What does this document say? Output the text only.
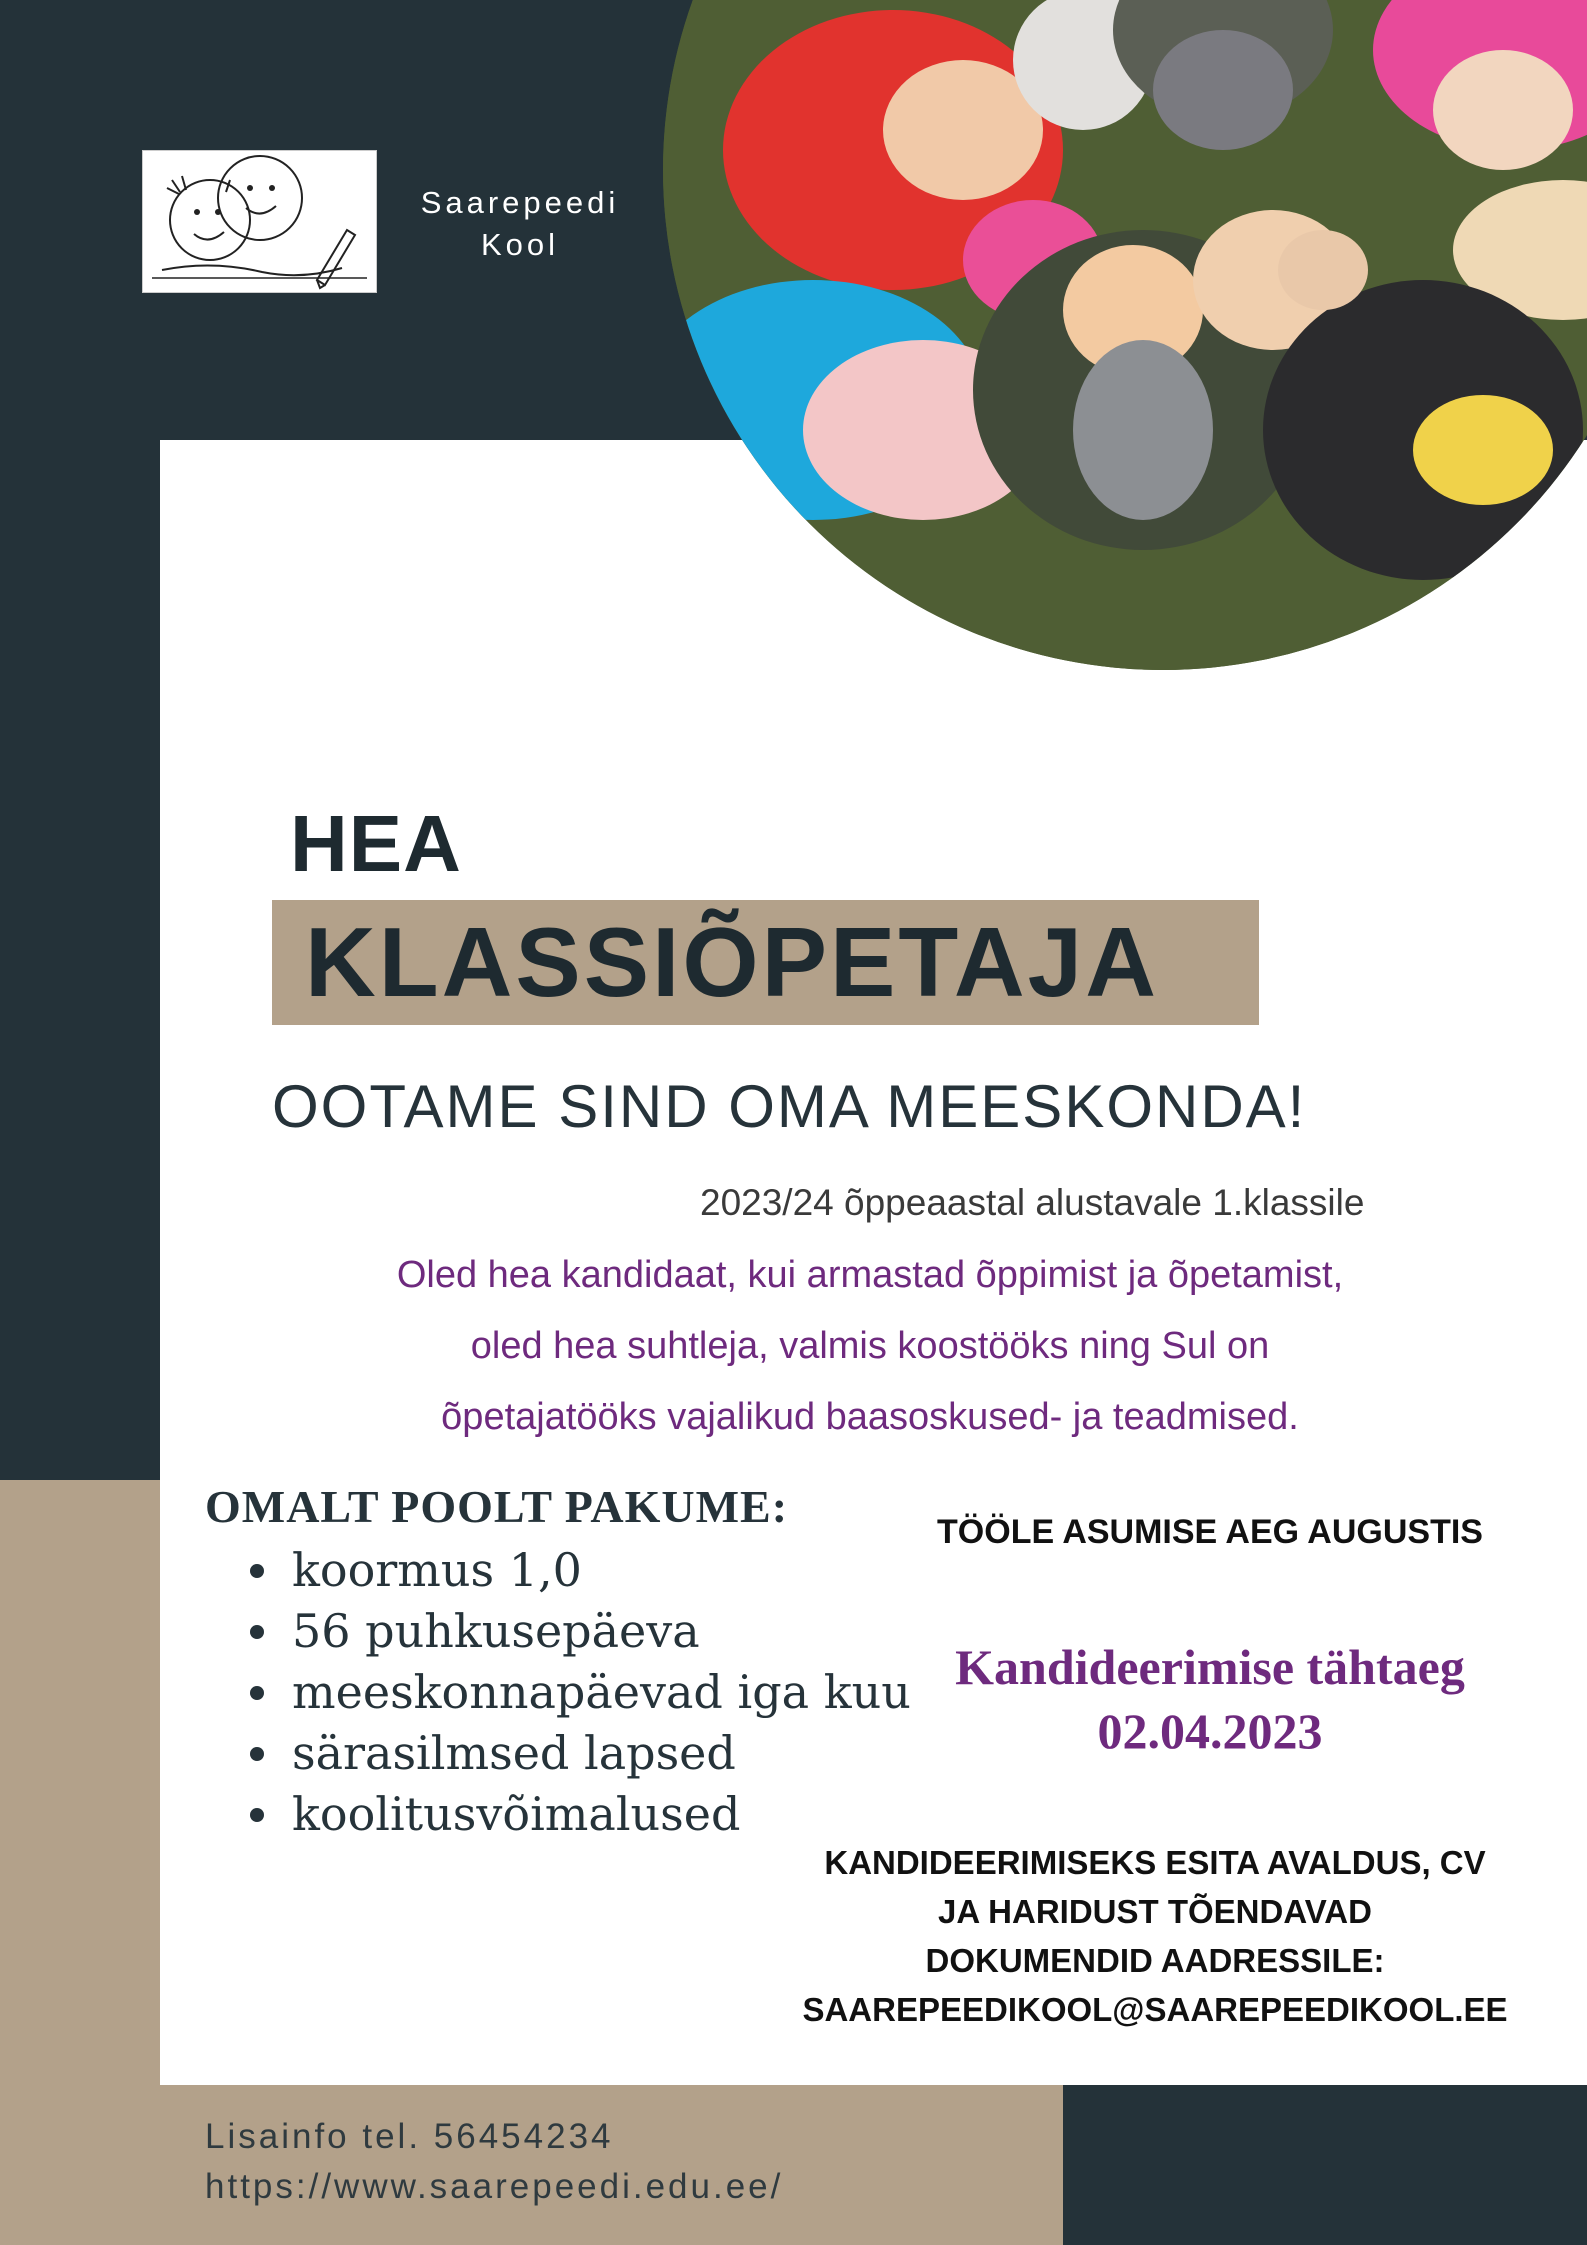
Saarepeedi
Kool
HEA
KLASSIÕPETAJA
OOTAME SIND OMA MEESKONDA!
2023/24 õppeaastal alustavale 1.klassile
Oled hea kandidaat, kui armastad õppimist ja õpetamist,
oled hea suhtleja, valmis koostööks ning Sul on
õpetajatööks vajalikud baasoskused- ja teadmised.
OMALT POOLT PAKUME:
koormus 1,0
56 puhkusepäeva
meeskonnapäevad iga kuu
särasilmsed lapsed
koolitusvõimalused
TÖÖLE ASUMISE AEG AUGUSTIS
Kandideerimise tähtaeg
02.04.2023
KANDIDEERIMISEKS ESITA AVALDUS, CV
JA HARIDUST TÕENDAVAD
DOKUMENDID AADRESSILE:
SAAREPEEDIKOOL@SAAREPEEDIKOOL.EE
Lisainfo tel. 56454234
https://www.saarepeedi.edu.ee/
